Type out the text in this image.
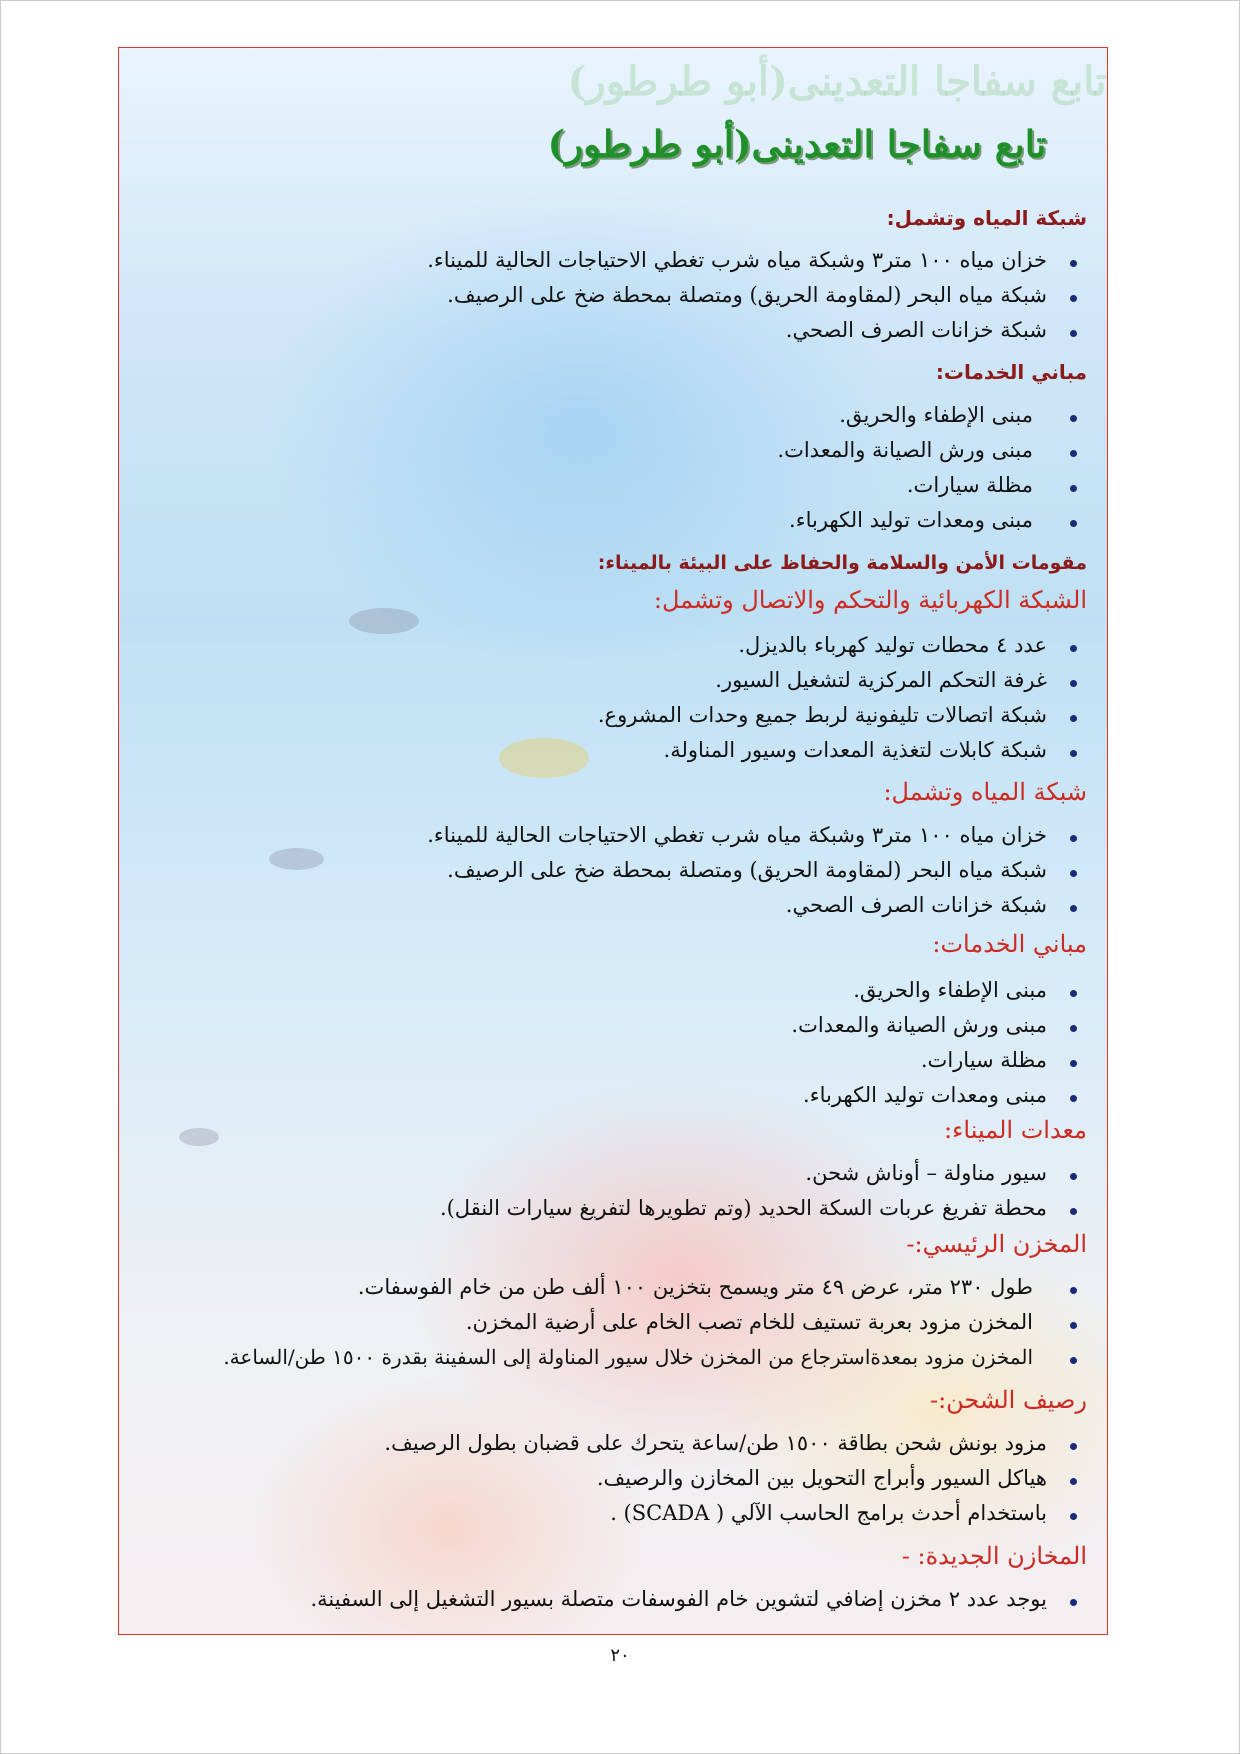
تابع سفاجا التعدينى(أبو طرطور)
تابع سفاجا التعدينى(أبو طرطور)
شبكة المياه وتشمل:
خزان مياه ١٠٠ متر٣ وشبكة مياه شرب تغطي الاحتياجات الحالية للميناء.
شبكة مياه البحر (لمقاومة الحريق) ومتصلة بمحطة ضخ على الرصيف.
شبكة خزانات الصرف الصحي.
مباني الخدمات:
مبنى الإطفاء والحريق.
مبنى ورش الصيانة والمعدات.
مظلة سيارات.
مبنى ومعدات توليد الكهرباء.
مقومات الأمن والسلامة والحفاظ على البيئة بالميناء:
الشبكة الكهربائية والتحكم والاتصال وتشمل:
عدد ٤ محطات توليد كهرباء بالديزل.
غرفة التحكم المركزية لتشغيل السيور.
شبكة اتصالات تليفونية لربط جميع وحدات المشروع.
شبكة كابلات لتغذية المعدات وسيور المناولة.
شبكة المياه وتشمل:
خزان مياه ١٠٠ متر٣ وشبكة مياه شرب تغطي الاحتياجات الحالية للميناء.
شبكة مياه البحر (لمقاومة الحريق) ومتصلة بمحطة ضخ على الرصيف.
شبكة خزانات الصرف الصحي.
مباني الخدمات:
مبنى الإطفاء والحريق.
مبنى ورش الصيانة والمعدات.
مظلة سيارات.
مبنى ومعدات توليد الكهرباء.
معدات الميناء:
سيور مناولة – أوناش شحن.
محطة تفريغ عربات السكة الحديد (وتم تطويرها لتفريغ سيارات النقل).
المخزن الرئيسي:-
طول ٢٣٠ متر، عرض ٤٩ متر ويسمح بتخزين ١٠٠ ألف طن من خام الفوسفات.
المخزن مزود بعربة تستيف للخام تصب الخام على أرضية المخزن.
المخزن مزود بمعدةاسترجاع من المخزن خلال سيور المناولة إلى السفينة بقدرة ١٥٠٠ طن/الساعة.
رصيف الشحن:-
مزود بونش شحن بطاقة ١٥٠٠ طن/ساعة يتحرك على قضبان بطول الرصيف.
هياكل السيور وأبراج التحويل بين المخازن والرصيف.
باستخدام أحدث برامج الحاسب الآلي ( SCADA) .
المخازن الجديدة: -
يوجد عدد ٢ مخزن إضافي لتشوين خام الفوسفات متصلة بسيور التشغيل إلى السفينة.
٢٠
